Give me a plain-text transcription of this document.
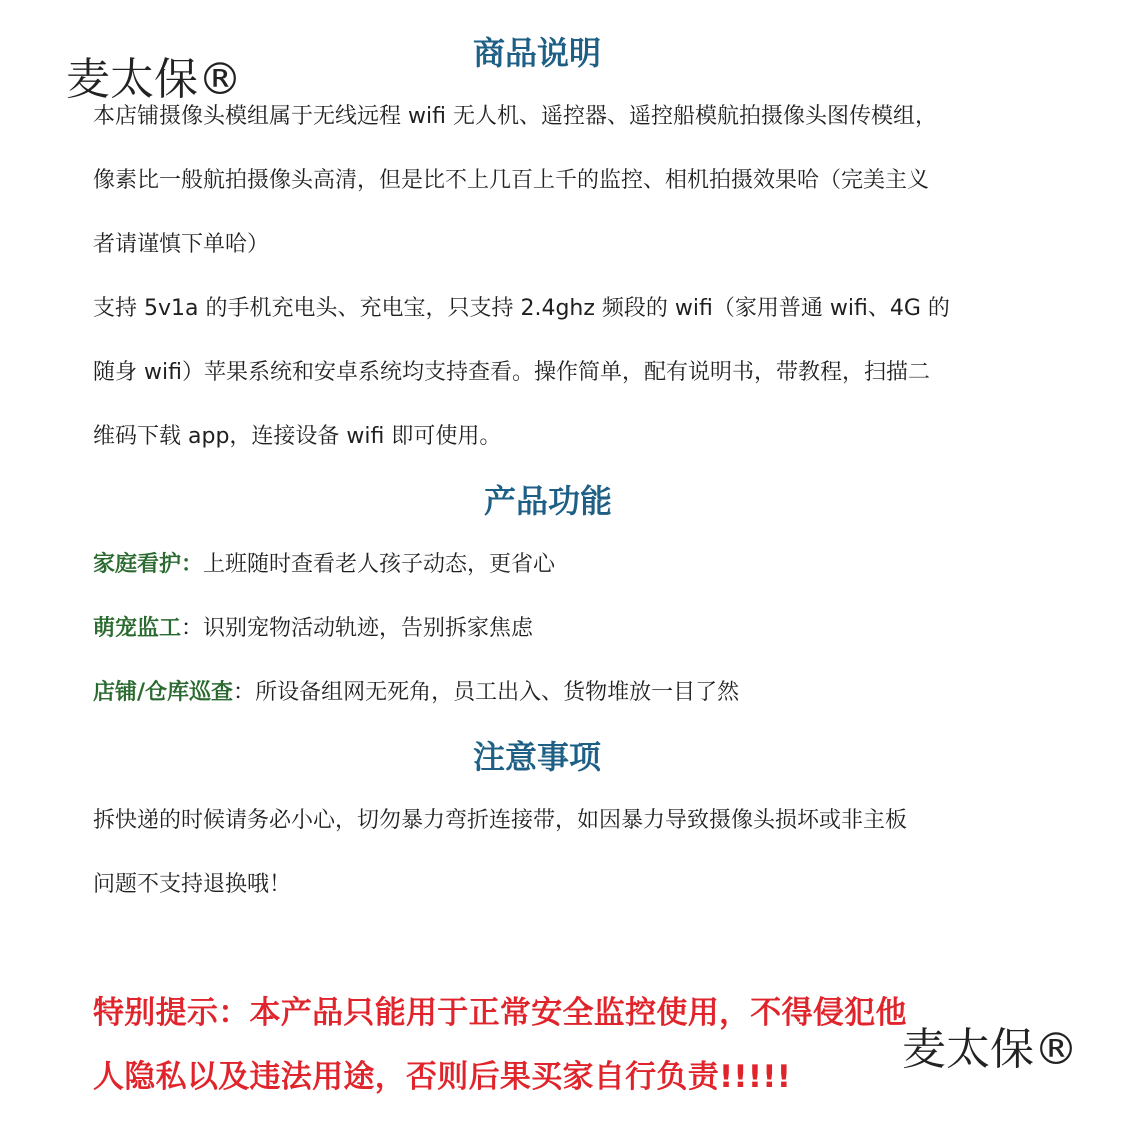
麦太保®
麦太保®
商品说明
本店铺摄像头模组属于无线远程 wifi 无人机、遥控器、遥控船模航拍摄像头图传模组，
像素比一般航拍摄像头高清，但是比不上几百上千的监控、相机拍摄效果哈（完美主义
者请谨慎下单哈）
支持 5v1a 的手机充电头、充电宝，只支持 2.4ghz 频段的 wifi（家用普通 wifi、4G 的
随身 wifi）苹果系统和安卓系统均支持查看。操作简单，配有说明书，带教程，扫描二
维码下载 app，连接设备 wifi 即可使用。
产品功能
家庭看护：上班随时查看老人孩子动态，更省心
萌宠监工：识别宠物活动轨迹，告别拆家焦虑
店铺/仓库巡查：所设备组网无死角，员工出入、货物堆放一目了然
注意事项
拆快递的时候请务必小心，切勿暴力弯折连接带，如因暴力导致摄像头损坏或非主板
问题不支持退换哦！
特别提示：本产品只能用于正常安全监控使用，不得侵犯他
人隐私以及违法用途，否则后果买家自行负责!!!!!
